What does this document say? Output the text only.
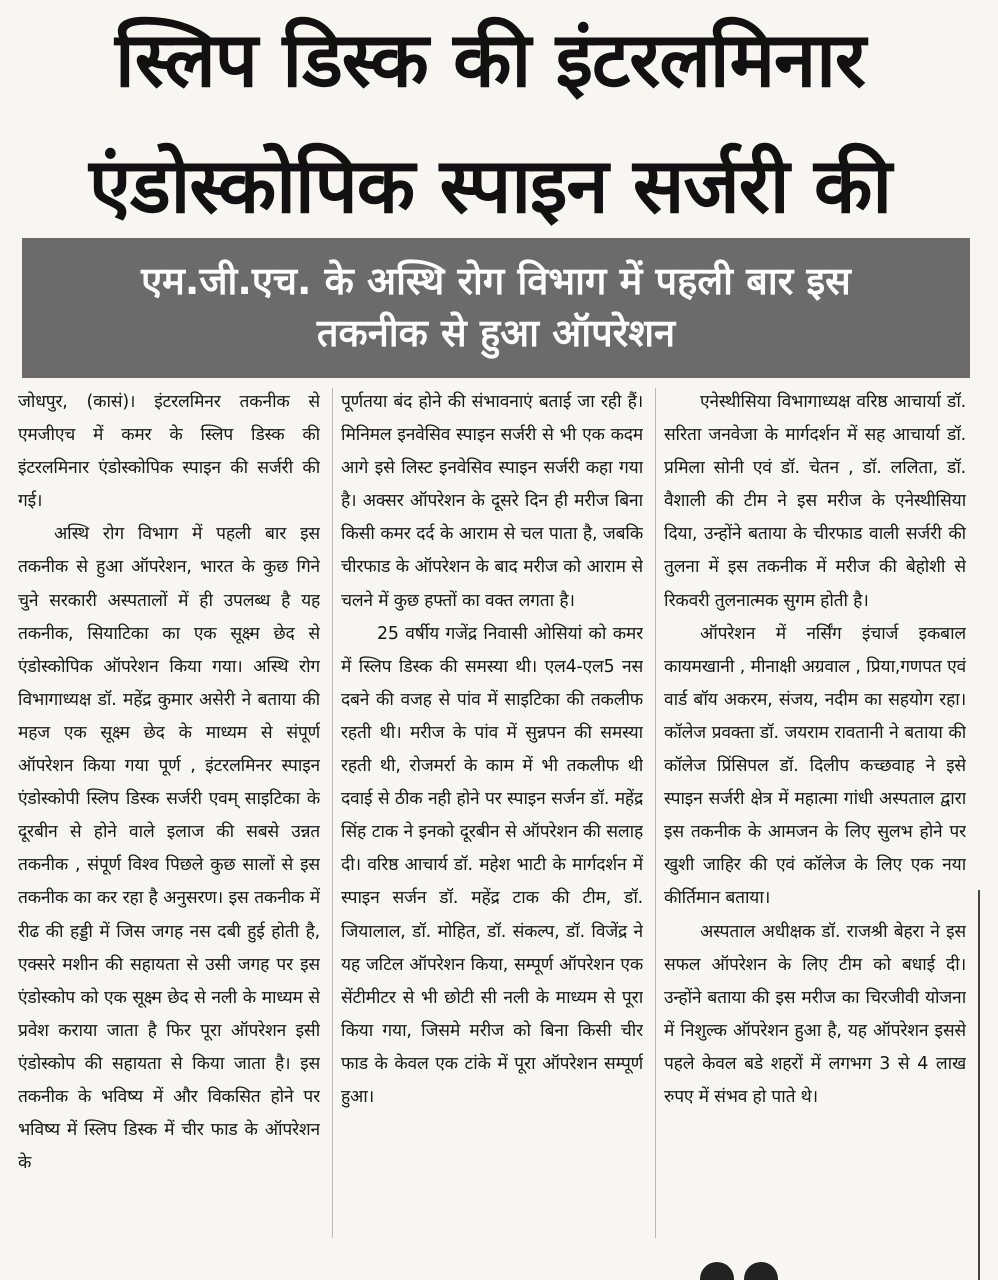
स्लिप डिस्क की इंटरलमिनार
एंडोस्कोपिक स्पाइन सर्जरी की
एम.जी.एच. के अस्थि रोग विभाग में पहली बार इस
तकनीक से हुआ ऑपरेशन

जोधपुर, (कासं)। इंटरलमिनर तकनीक से एमजीएच में कमर के स्लिप डिस्क की इंटरलमिनार एंडोस्कोपिक स्पाइन की सर्जरी की गई।

अस्थि रोग विभाग में पहली बार इस तकनीक से हुआ ऑपरेशन, भारत के कुछ गिने चुने सरकारी अस्पतालों में ही उपलब्ध है यह तकनीक, सियाटिका का एक सूक्ष्म छेद से एंडोस्कोपिक ऑपरेशन किया गया। अस्थि रोग विभागाध्यक्ष डॉ. महेंद्र कुमार असेरी ने बताया की महज एक सूक्ष्म छेद के माध्यम से संपूर्ण ऑपरेशन किया गया पूर्ण , इंटरलमिनर स्पाइन एंडोस्कोपी स्लिप डिस्क सर्जरी एवम् साइटिका के दूरबीन से होने वाले इलाज की सबसे उन्नत तकनीक , संपूर्ण विश्व पिछले कुछ सालों से इस तकनीक का कर रहा है अनुसरण। इस तकनीक में रीढ की हड्डी में जिस जगह नस दबी हुई होती है, एक्सरे मशीन की सहायता से उसी जगह पर इस एंडोस्कोप को एक सूक्ष्म छेद से नली के माध्यम से प्रवेश कराया जाता है फिर पूरा ऑपरेशन इसी एंडोस्कोप की सहायता से किया जाता है। इस तकनीक के भविष्य में और विकसित होने पर भविष्य में स्लिप डिस्क में चीर फाड के ऑपरेशन के

पूर्णतया बंद होने की संभावनाएं बताई जा रही हैं। मिनिमल इनवेसिव स्पाइन सर्जरी से भी एक कदम आगे इसे लिस्ट इनवेसिव स्पाइन सर्जरी कहा गया है। अक्सर ऑपरेशन के दूसरे दिन ही मरीज बिना किसी कमर दर्द के आराम से चल पाता है, जबकि चीरफाड के ऑपरेशन के बाद मरीज को आराम से चलने में कुछ हफ्तों का वक्त लगता है।

25 वर्षीय गजेंद्र निवासी ओसियां को कमर में स्लिप डिस्क की समस्या थी। एल4-एल5 नस दबने की वजह से पांव में साइटिका की तकलीफ रहती थी। मरीज के पांव में सुन्नपन की समस्या रहती थी, रोजमर्रा के काम में भी तकलीफ थी दवाई से ठीक नही होने पर स्पाइन सर्जन डॉ. महेंद्र सिंह टाक ने इनको दूरबीन से ऑपरेशन की सलाह दी। वरिष्ठ आचार्य डॉ. महेश भाटी के मार्गदर्शन में स्पाइन सर्जन डॉ. महेंद्र टाक की टीम, डॉ. जियालाल, डॉ. मोहित, डॉ. संकल्प, डॉ. विजेंद्र ने यह जटिल ऑपरेशन किया, सम्पूर्ण ऑपरेशन एक सेंटीमीटर से भी छोटी सी नली के माध्यम से पूरा किया गया, जिसमे मरीज को बिना किसी चीर फाड के केवल एक टांके में पूरा ऑपरेशन सम्पूर्ण हुआ।

एनेस्थीसिया विभागाध्यक्ष वरिष्ठ आचार्या डॉ. सरिता जनवेजा के मार्गदर्शन में सह आचार्या डॉ. प्रमिला सोनी एवं डॉ. चेतन , डॉ. ललिता, डॉ. वैशाली की टीम ने इस मरीज के एनेस्थीसिया दिया, उन्होंने बताया के चीरफाड वाली सर्जरी की तुलना में इस तकनीक में मरीज की बेहोशी से रिकवरी तुलनात्मक सुगम होती है।

ऑपरेशन में नर्सिंग इंचार्ज इकबाल कायमखानी , मीनाक्षी अग्रवाल , प्रिया,गणपत एवं वार्ड बॉय अकरम, संजय, नदीम का सहयोग रहा। कॉलेज प्रवक्ता डॉ. जयराम रावतानी ने बताया की कॉलेज प्रिंसिपल डॉ. दिलीप कच्छवाह ने इसे स्पाइन सर्जरी क्षेत्र में महात्मा गांधी अस्पताल द्वारा इस तकनीक के आमजन के लिए सुलभ होने पर खुशी जाहिर की एवं कॉलेज के लिए एक नया कीर्तिमान बताया।

अस्पताल अधीक्षक डॉ. राजश्री बेहरा ने इस सफल ऑपरेशन के लिए टीम को बधाई दी। उन्होंने बताया की इस मरीज का चिरजीवी योजना में निशुल्क ऑपरेशन हुआ है, यह ऑपरेशन इससे पहले केवल बडे शहरों में लगभग 3 से 4 लाख रुपए में संभव हो पाते थे।
